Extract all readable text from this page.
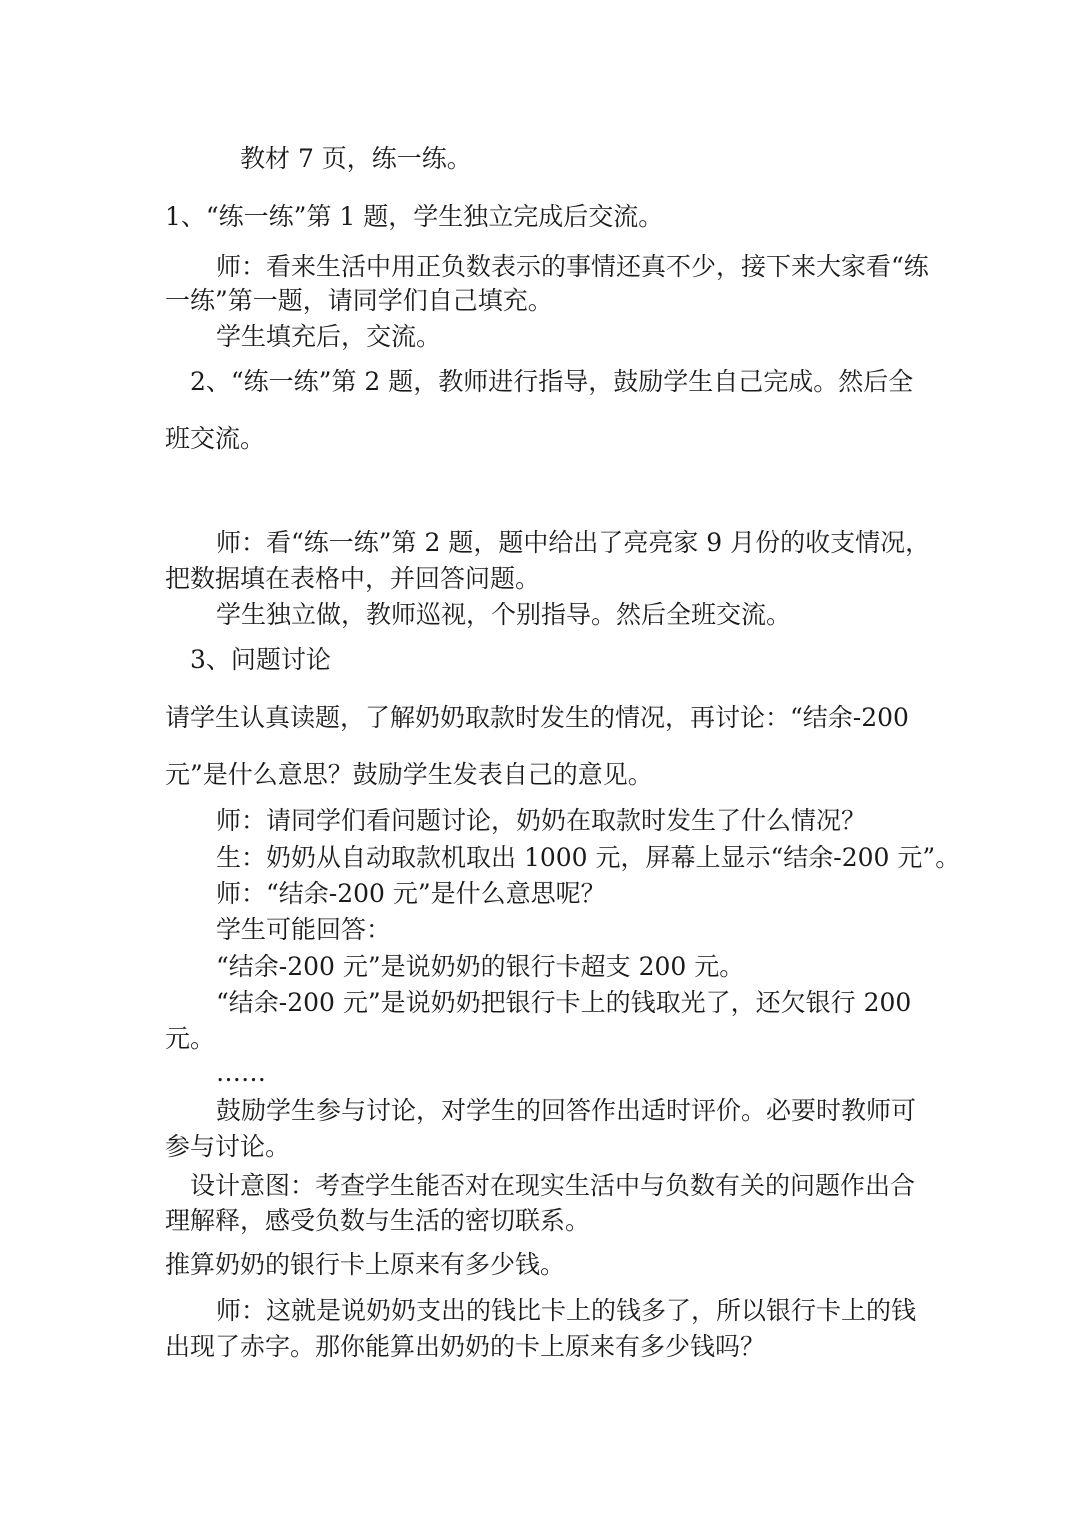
教材 7 页，练一练。
1、“练一练”第 1 题，学生独立完成后交流。
师：看来生活中用正负数表示的事情还真不少，接下来大家看“练
一练”第一题，请同学们自己填充。
学生填充后，交流。
2、“练一练”第 2 题，教师进行指导，鼓励学生自己完成。然后全
班交流。
师：看“练一练”第 2 题，题中给出了亮亮家 9 月份的收支情况，
把数据填在表格中，并回答问题。
学生独立做，教师巡视，个别指导。然后全班交流。
3、问题讨论
请学生认真读题，了解奶奶取款时发生的情况，再讨论：“结余-200
元”是什么意思？鼓励学生发表自己的意见。
师：请同学们看问题讨论，奶奶在取款时发生了什么情况？
生：奶奶从自动取款机取出 1000 元，屏幕上显示“结余-200 元”。
师：“结余-200 元”是什么意思呢？
学生可能回答：
“结余-200 元”是说奶奶的银行卡超支 200 元。
“结余-200 元”是说奶奶把银行卡上的钱取光了，还欠银行 200
元。
……
鼓励学生参与讨论，对学生的回答作出适时评价。必要时教师可
参与讨论。
设计意图：考查学生能否对在现实生活中与负数有关的问题作出合
理解释，感受负数与生活的密切联系。
推算奶奶的银行卡上原来有多少钱。
师：这就是说奶奶支出的钱比卡上的钱多了，所以银行卡上的钱
出现了赤字。那你能算出奶奶的卡上原来有多少钱吗？
